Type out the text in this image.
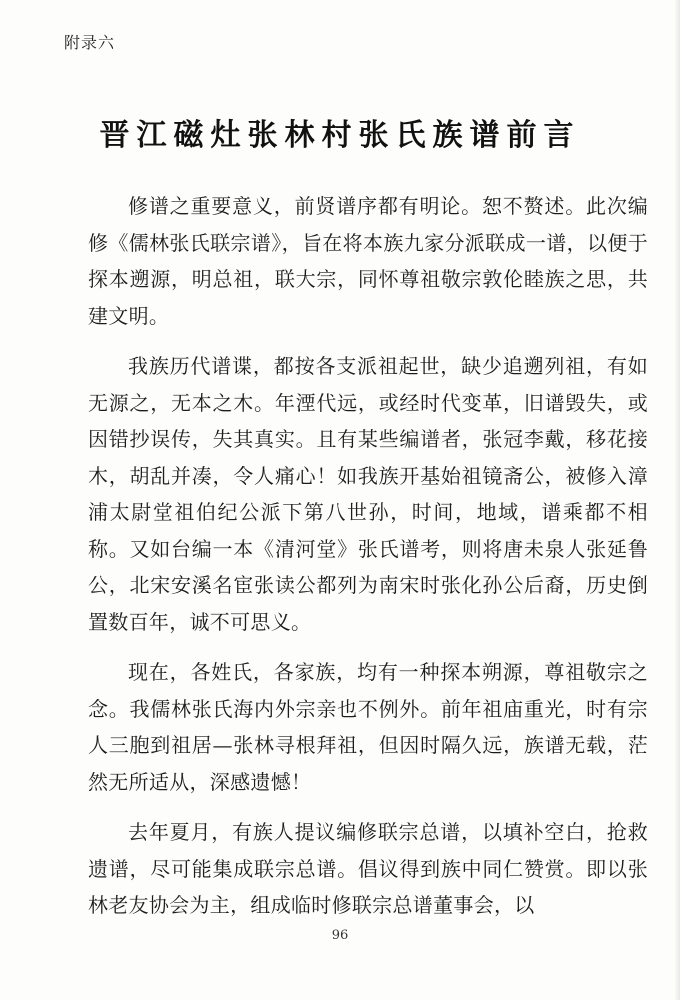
附录六
晋江磁灶张林村张氏族谱前言

修谱之重要意义，前贤谱序都有明论。恕不赘述。此次编修《儒林张氏联宗谱》，旨在将本族九家分派联成一谱，以便于探本遡源，明总祖，联大宗，同怀尊祖敬宗敦伦睦族之思，共建文明。

我族历代谱谍，都按各支派祖起世，缺少追遡列祖，有如无源之，无本之木。年湮代远，或经时代变革，旧谱毁失，或因错抄误传，失其真实。且有某些编谱者，张冠李戴，移花接木，胡乱并凑，令人痛心！如我族开基始祖镜斋公，被修入漳浦太尉堂祖伯纪公派下第八世孙，时间，地域，谱乘都不相称。又如台编一本《清河堂》张氏谱考，则将唐未泉人张延鲁公，北宋安溪名宦张读公都列为南宋时张化孙公后裔，历史倒置数百年，诚不可思义。

现在，各姓氏，各家族，均有一种探本朔源，尊祖敬宗之念。我儒林张氏海内外宗亲也不例外。前年祖庙重光，时有宗人三胞到祖居—张林寻根拜祖，但因时隔久远，族谱无载，茫然无所适从，深感遗憾！

去年夏月，有族人提议编修联宗总谱，以填补空白，抢救遗谱，尽可能集成联宗总谱。倡议得到族中同仁赞赏。即以张林老友协会为主，组成临时修联宗总谱董事会，以

96
